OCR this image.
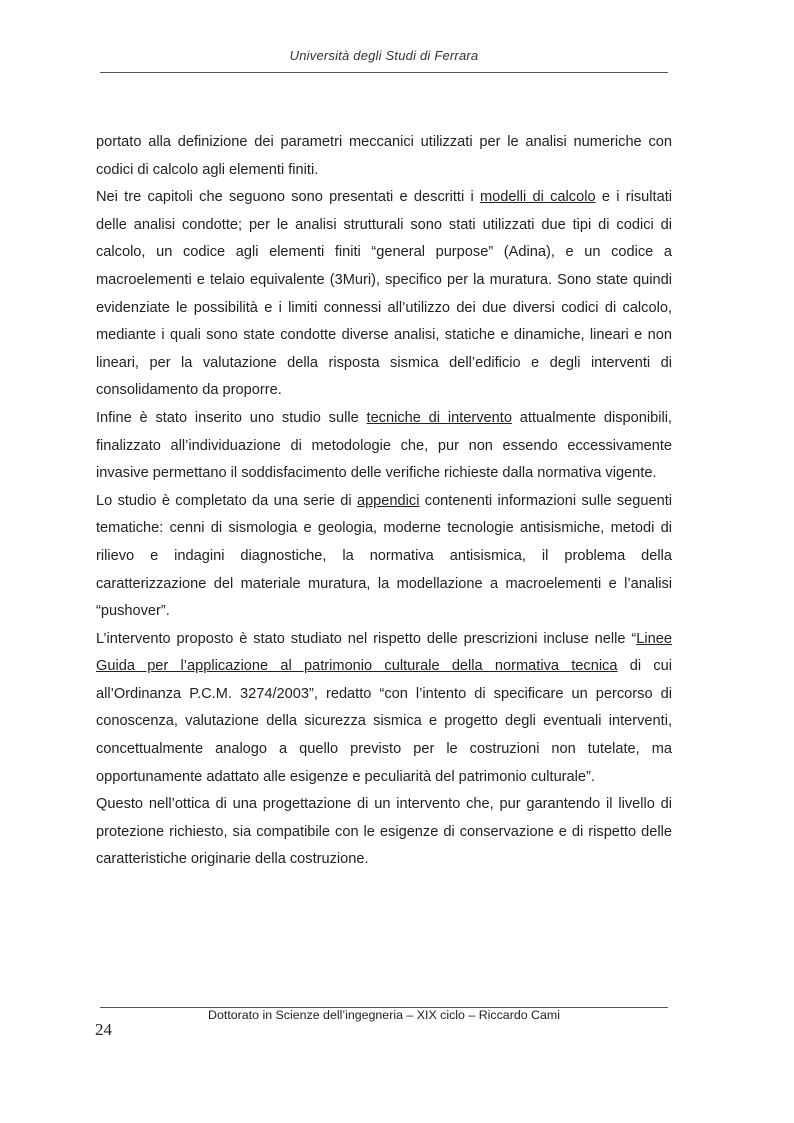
Università degli Studi di Ferrara

portato alla definizione dei parametri meccanici utilizzati per le analisi numeriche con codici di calcolo agli elementi finiti.

Nei tre capitoli che seguono sono presentati e descritti i modelli di calcolo e i risultati delle analisi condotte; per le analisi strutturali sono stati utilizzati due tipi di codici di calcolo, un codice agli elementi finiti “general purpose” (Adina), e un codice a macroelementi e telaio equivalente (3Muri), specifico per la muratura. Sono state quindi evidenziate le possibilità e i limiti connessi all’utilizzo dei due diversi codici di calcolo, mediante i quali sono state condotte diverse analisi, statiche e dinamiche, lineari e non lineari, per la valutazione della risposta sismica dell’edificio e degli interventi di consolidamento da proporre.

Infine è stato inserito uno studio sulle tecniche di intervento attualmente disponibili, finalizzato all’individuazione di metodologie che, pur non essendo eccessivamente invasive permettano il soddisfacimento delle verifiche richieste dalla normativa vigente.

Lo studio è completato da una serie di appendici contenenti informazioni sulle seguenti tematiche: cenni di sismologia e geologia, moderne tecnologie antisismiche, metodi di rilievo e indagini diagnostiche, la normativa antisismica, il problema della caratterizzazione del materiale muratura, la modellazione a macroelementi e l’analisi “pushover”.

L’intervento proposto è stato studiato nel rispetto delle prescrizioni incluse nelle “Linee Guida per l’applicazione al patrimonio culturale della normativa tecnica di cui all’Ordinanza P.C.M. 3274/2003”, redatto “con l’intento di specificare un percorso di conoscenza, valutazione della sicurezza sismica e progetto degli eventuali interventi, concettualmente analogo a quello previsto per le costruzioni non tutelate, ma opportunamente adattato alle esigenze e peculiarità del patrimonio culturale”.

Questo nell’ottica di una progettazione di un intervento che, pur garantendo il livello di protezione richiesto, sia compatibile con le esigenze di conservazione e di rispetto delle caratteristiche originarie della costruzione.

Dottorato in Scienze dell’ingegneria – XIX ciclo – Riccardo Cami
24
